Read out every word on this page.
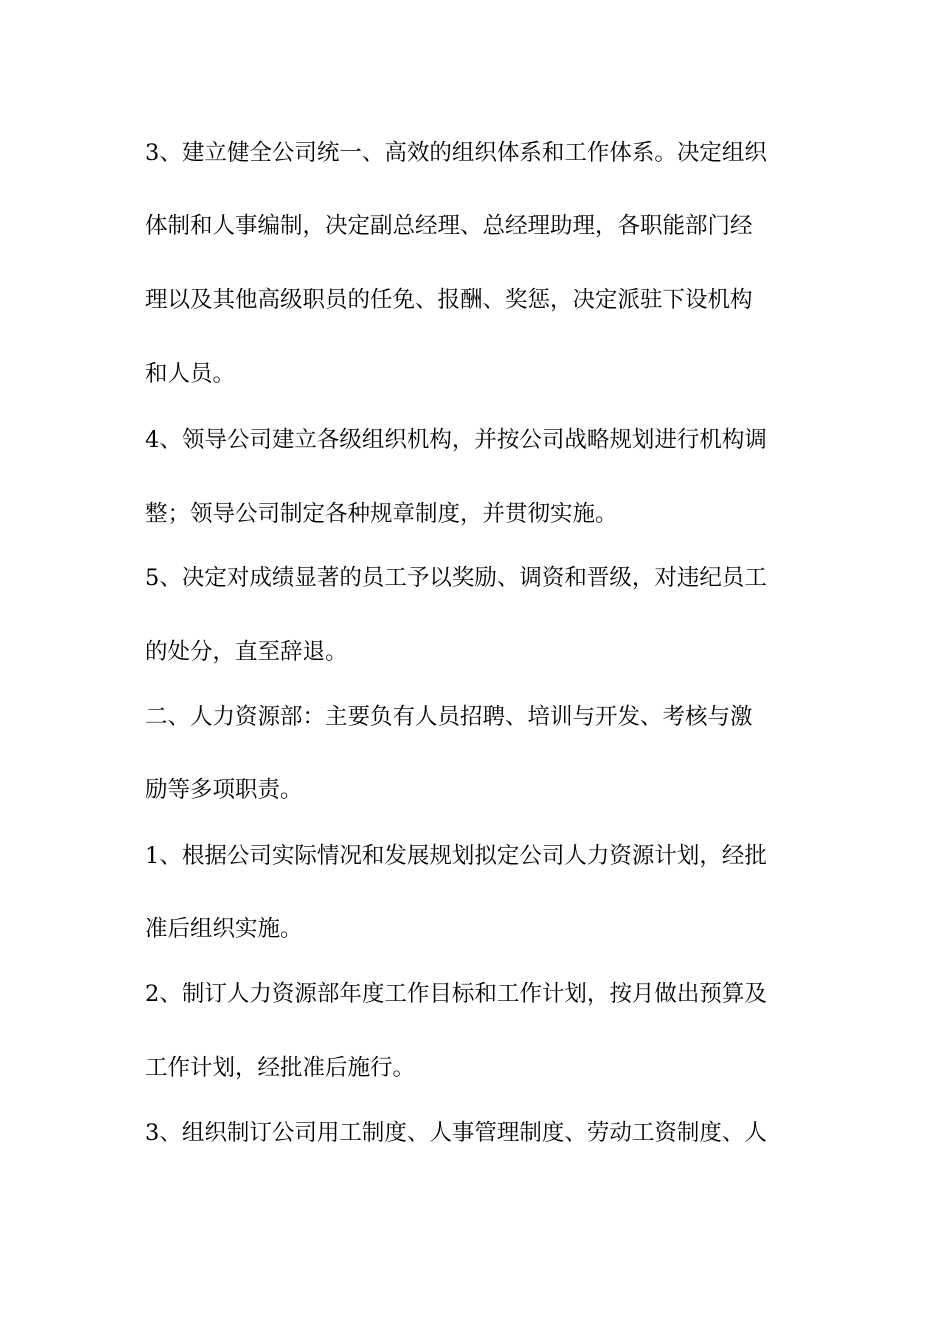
3、建立健全公司统一、高效的组织体系和工作体系。决定组织
体制和人事编制，决定副总经理、总经理助理，各职能部门经
理以及其他高级职员的任免、报酬、奖惩，决定派驻下设机构
和人员。
4、领导公司建立各级组织机构，并按公司战略规划进行机构调
整；领导公司制定各种规章制度，并贯彻实施。
5、决定对成绩显著的员工予以奖励、调资和晋级，对违纪员工
的处分，直至辞退。
二、人力资源部：主要负有人员招聘、培训与开发、考核与激
励等多项职责。
1、根据公司实际情况和发展规划拟定公司人力资源计划，经批
准后组织实施。
2、制订人力资源部年度工作目标和工作计划，按月做出预算及
工作计划，经批准后施行。
3、组织制订公司用工制度、人事管理制度、劳动工资制度、人
